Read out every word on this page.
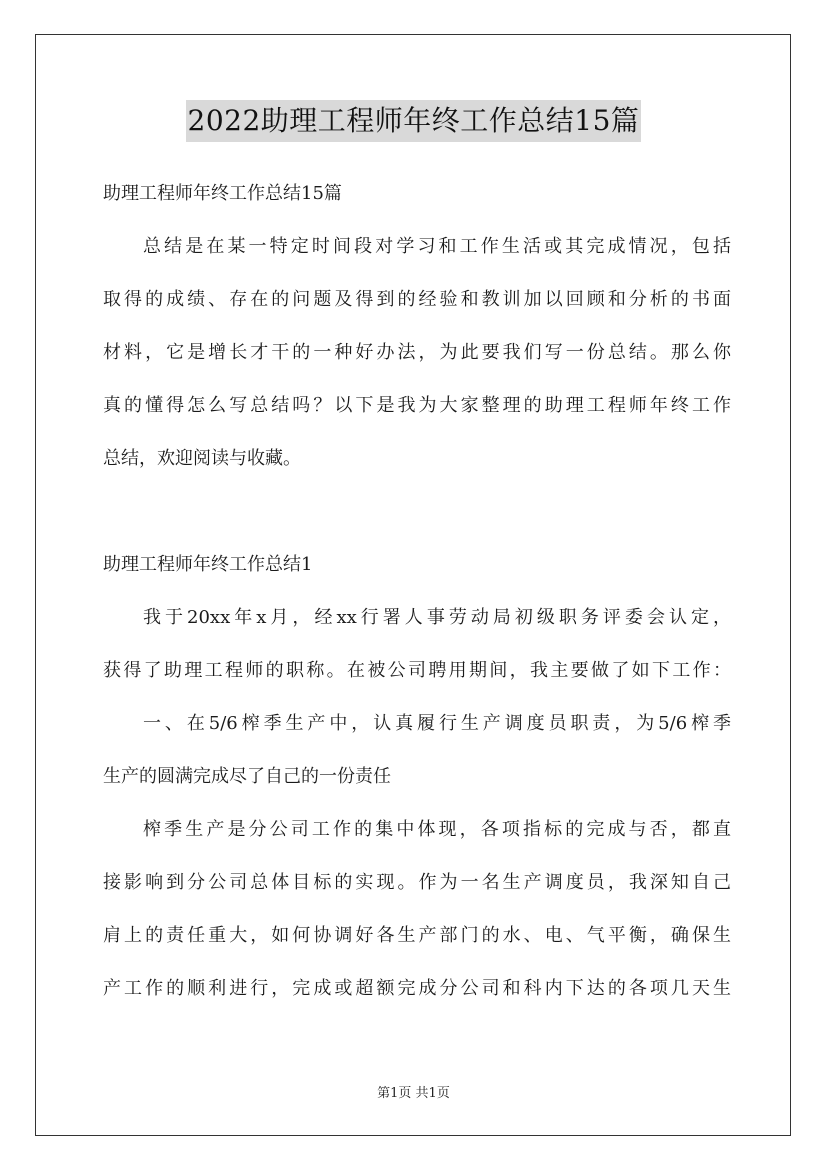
2022助理工程师年终工作总结15篇
助理工程师年终工作总结15篇
总结是在某一特定时间段对学习和工作生活或其完成情况，包括
取得的成绩、存在的问题及得到的经验和教训加以回顾和分析的书面
材料，它是增长才干的一种好办法，为此要我们写一份总结。那么你
真的懂得怎么写总结吗？以下是我为大家整理的助理工程师年终工作
总结，欢迎阅读与收藏。
助理工程师年终工作总结1
我于20xx年x月，经xx行署人事劳动局初级职务评委会认定，
获得了助理工程师的职称。在被公司聘用期间，我主要做了如下工作：
一、在5/6榨季生产中，认真履行生产调度员职责，为5/6榨季
生产的圆满完成尽了自己的一份责任
榨季生产是分公司工作的集中体现，各项指标的完成与否，都直
接影响到分公司总体目标的实现。作为一名生产调度员，我深知自己
肩上的责任重大，如何协调好各生产部门的水、电、气平衡，确保生
产工作的顺利进行，完成或超额完成分公司和科内下达的各项几天生
第1页 共1页
